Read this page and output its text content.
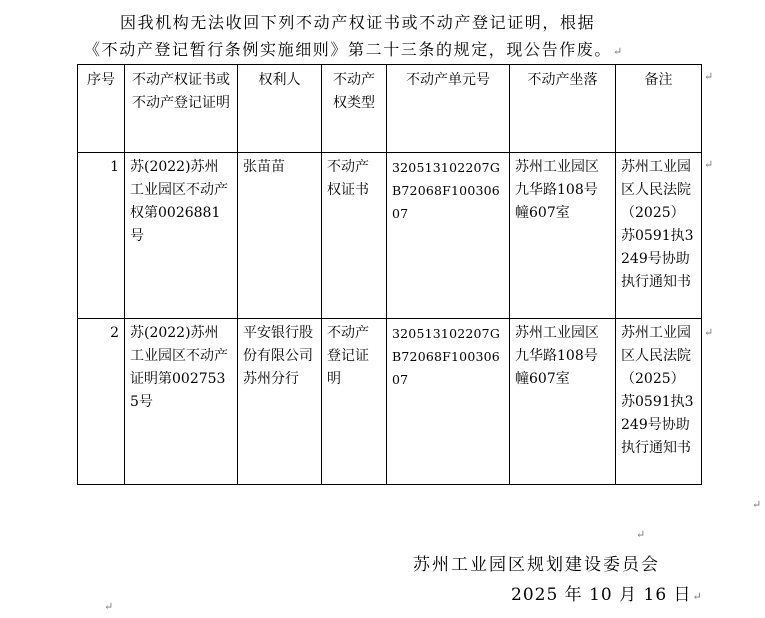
因我机构无法收回下列不动产权证书或不动产登记证明，根据
《不动产登记暂行条例实施细则》第二十三条的规定，现公告作废。↵
序号	不动产权证书或不动产登记证明	权利人	不动产权类型	不动产单元号	不动产坐落	备注
1	苏(2022)苏州工业园区不动产权第0026881号	张苗苗	不动产权证书	320513102207GB72068F10030607	苏州工业园区九华路108号幢607室	苏州工业园区人民法院（2025）苏0591执3249号协助执行通知书
2	苏(2022)苏州工业园区不动产证明第0027535号	平安银行股份有限公司苏州分行	不动产登记证明	320513102207GB72068F10030607	苏州工业园区九华路108号幢607室	苏州工业园区人民法院（2025）苏0591执3249号协助执行通知书
↵
↵
↵
↵
↵
↵
苏州工业园区规划建设委员会
2025 年 10 月 16 日↵
